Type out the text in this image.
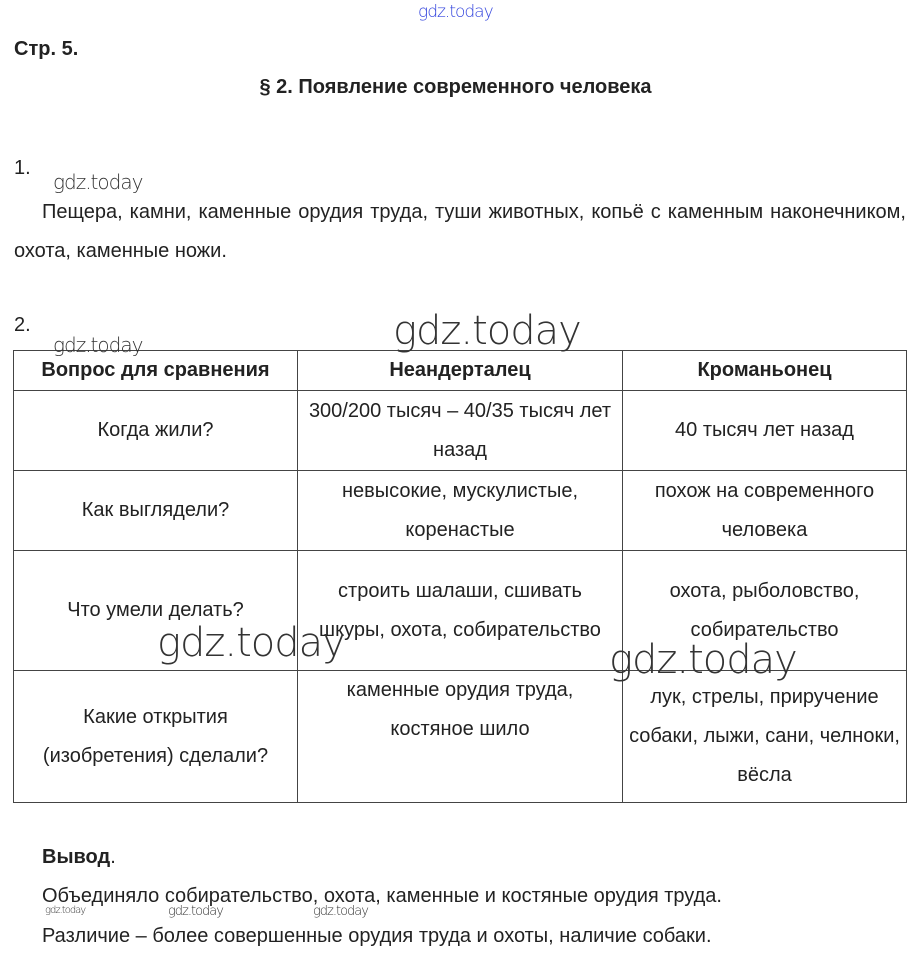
gdz.today
Стр. 5.
§ 2. Появление современного человека
1.
gdz.today
Пещера, камни, каменные орудия труда, туши животных, копьё с каменным наконечником, охота, каменные ножи.
2.
Вопрос для сравнения	Неандерталец	Кроманьонец
Когда жили?	300/200 тысяч – 40/35 тысяч лет назад	40 тысяч лет назад
Как выглядели?	невысокие, мускулистые, коренастые	похож на современного человека
Что умели делать?	строить шалаши, сшивать шкуры, охота, собирательство	охота, рыболовство, собирательство
Какие открытия (изобретения) сделали?	каменные орудия труда, костяное шило	лук, стрелы, приручение собаки, лыжи, сани, челноки, вёсла
gdz.today
gdz.today
gdz.today	gdz.today
Вывод.
Объединяло собирательство, охота, каменные и костяные орудия труда.
gdz.today	gdz.today	gdz.today
Различие – более совершенные орудия труда и охоты, наличие собаки.
